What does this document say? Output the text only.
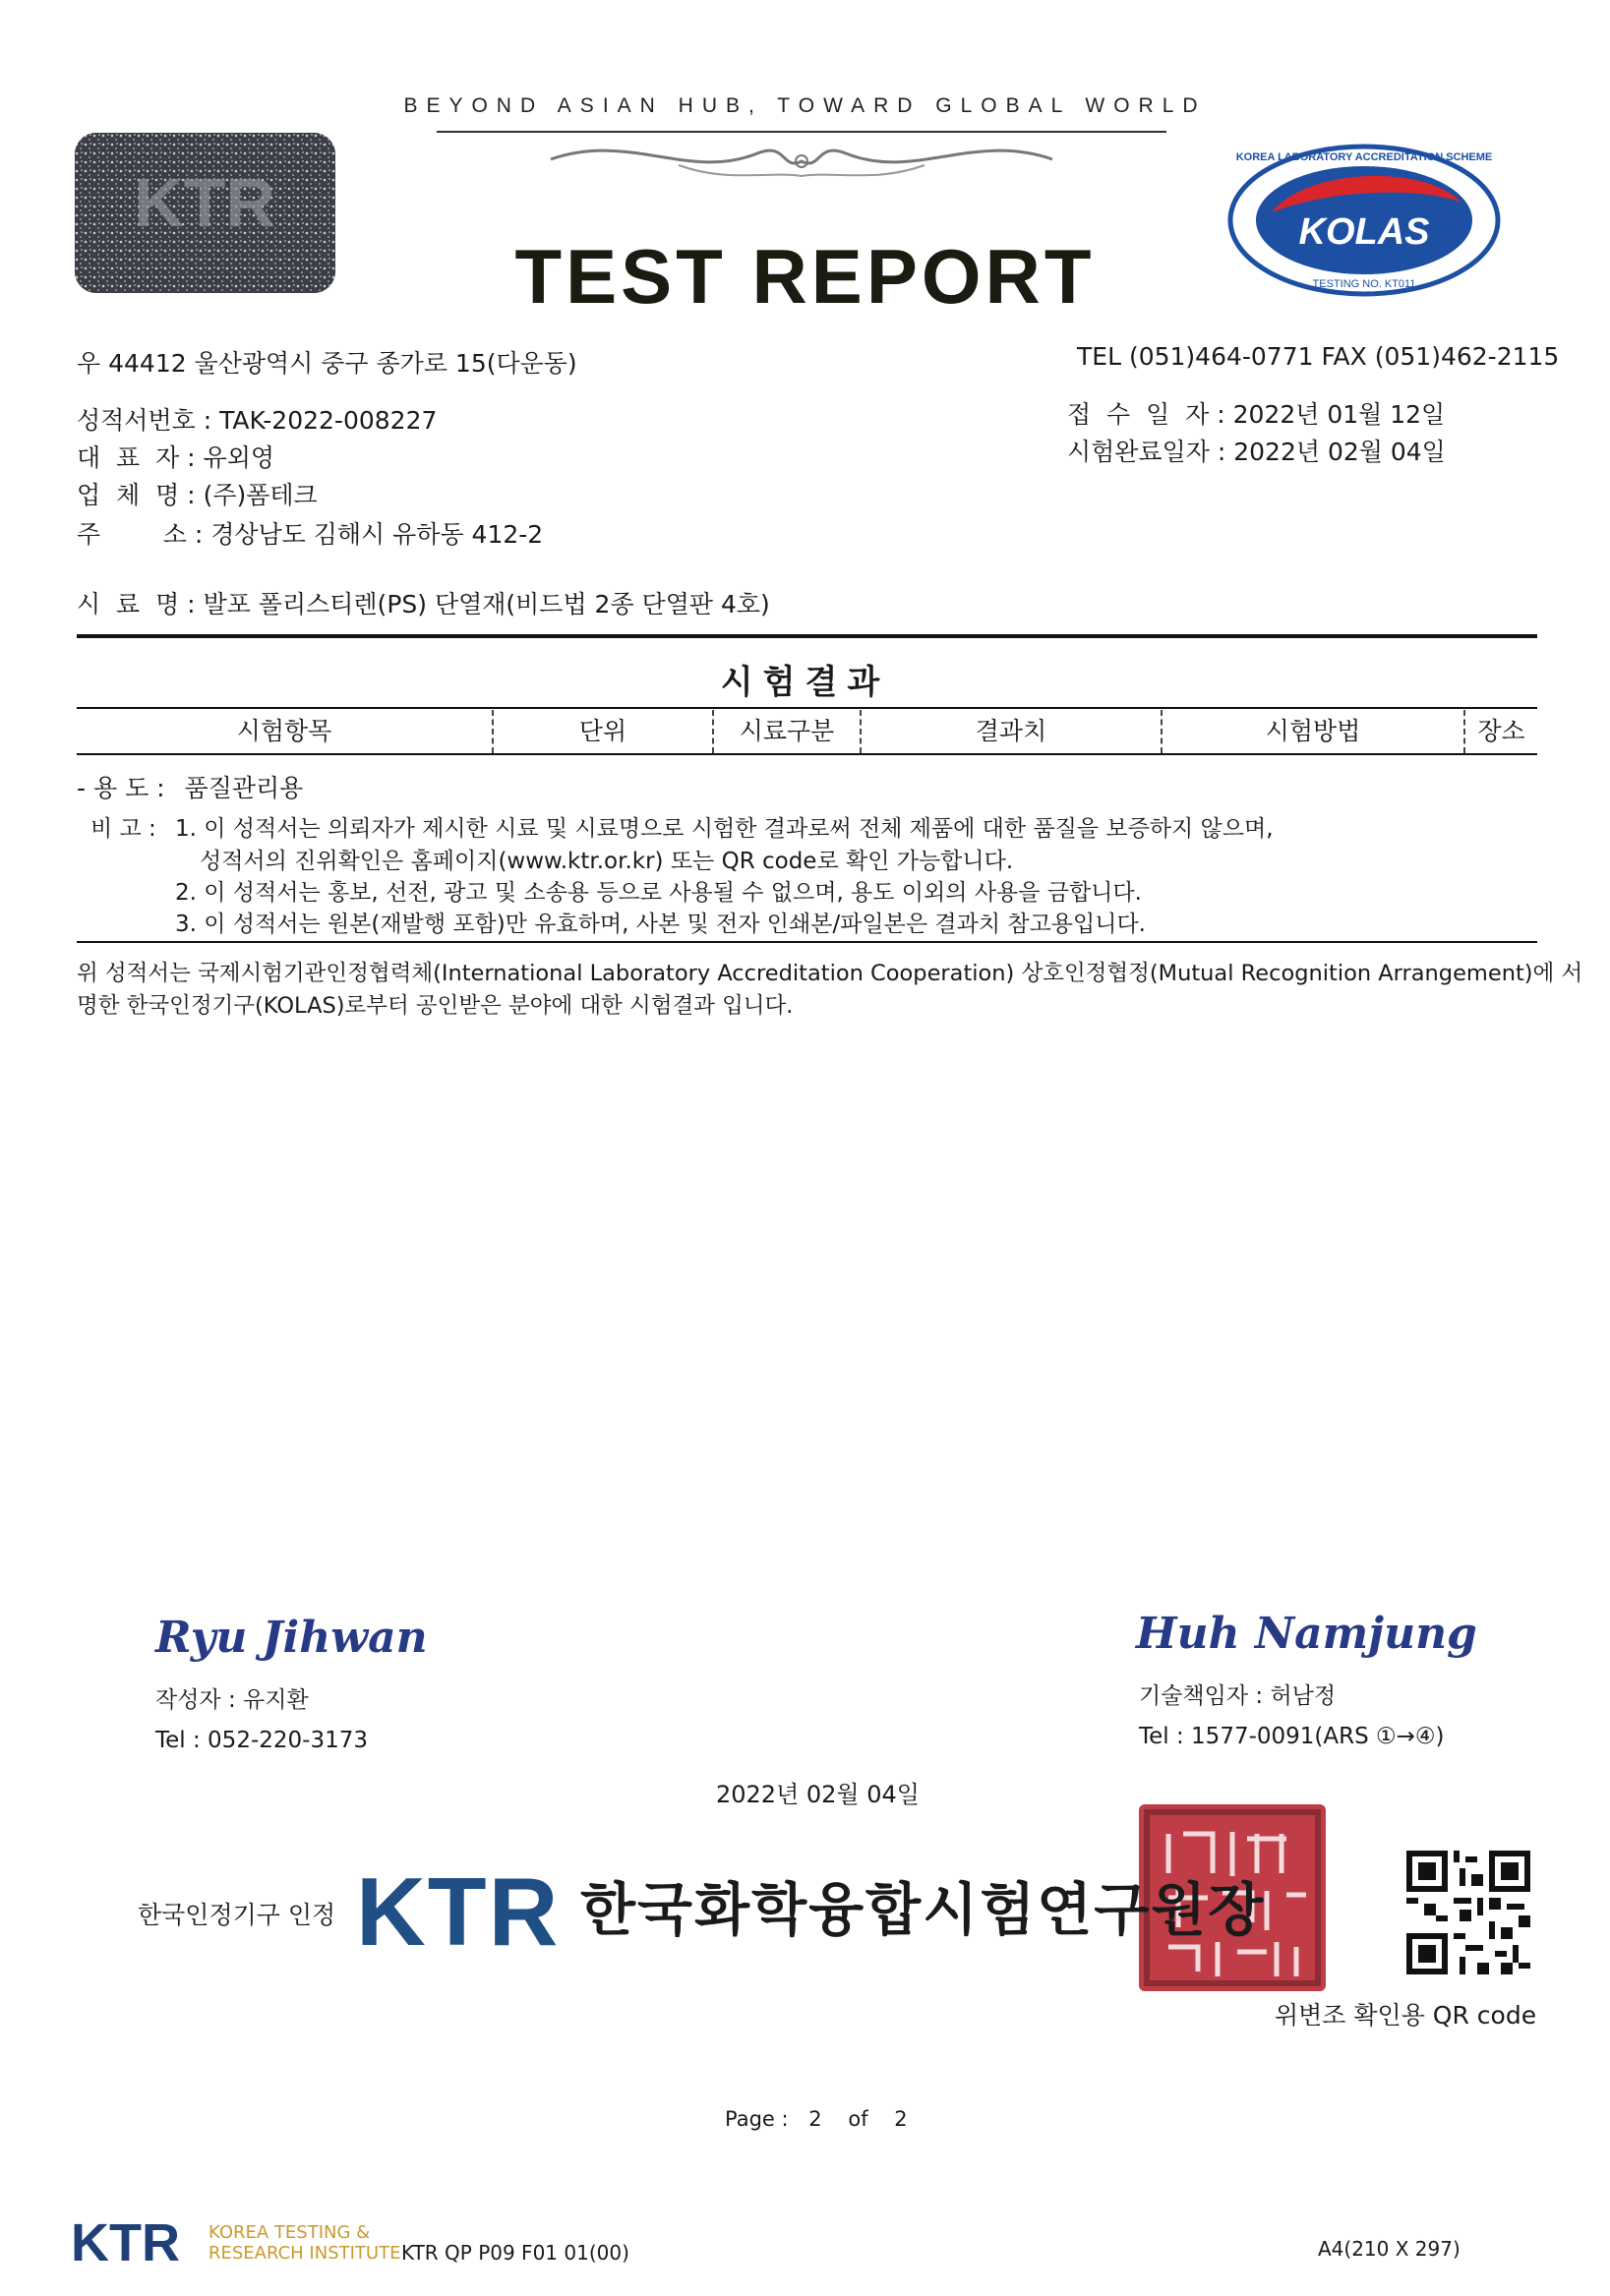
BEYOND ASIAN HUB, TOWARD GLOBAL WORLD
TEST REPORT
KTR	KOLAS
TESTING NO. KT011
KOREA LABORATORY ACCREDITATION SCHEME
우 44412 울산광역시 중구 종가로 15(다운동)	TEL (051)464-0771 FAX (051)462-2115
성적서번호 : TAK-2022-008227
대  표  자 : 유외영
업  체  명 : (주)폼테크
주        소 : 경상남도 김해시 유하동 412-2
시  료  명 : 발포 폴리스티렌(PS) 단열재(비드법 2종 단열판 4호)
접  수  일  자 : 2022년 01월 12일
시험완료일자 : 2022년 02월 04일
시험결과
시험항목	단위	시료구분	결과치	시험방법	장소
- 용 도 : 품질관리용
비 고 : 1. 이 성적서는 의뢰자가 제시한 시료 및 시료명으로 시험한 결과로써 전체 제품에 대한 품질을 보증하지 않으며,
성적서의 진위확인은 홈페이지(www.ktr.or.kr) 또는 QR code로 확인 가능합니다.
2. 이 성적서는 홍보, 선전, 광고 및 소송용 등으로 사용될 수 없으며, 용도 이외의 사용을 금합니다.
3. 이 성적서는 원본(재발행 포함)만 유효하며, 사본 및 전자 인쇄본/파일본은 결과치 참고용입니다.
위 성적서는 국제시험기관인정협력체(International Laboratory Accreditation Cooperation) 상호인정협정(Mutual Recognition Arrangement)에 서
명한 한국인정기구(KOLAS)로부터 공인받은 분야에 대한 시험결과 입니다.
Ryu Jihwan
작성자 : 유지환
Tel : 052-220-3173
Huh Namjung
기술책임자 : 허남정
Tel : 1577-0091(ARS ①→④)
2022년 02월 04일
한국인정기구 인정 KTR 한국화학융합시험연구원장
위변조 확인용 QR code
Page : 2 of 2
KTR KOREA TESTING &
RESEARCH INSTITUTE KTR QP P09 F01 01(00)	A4(210 X 297)
